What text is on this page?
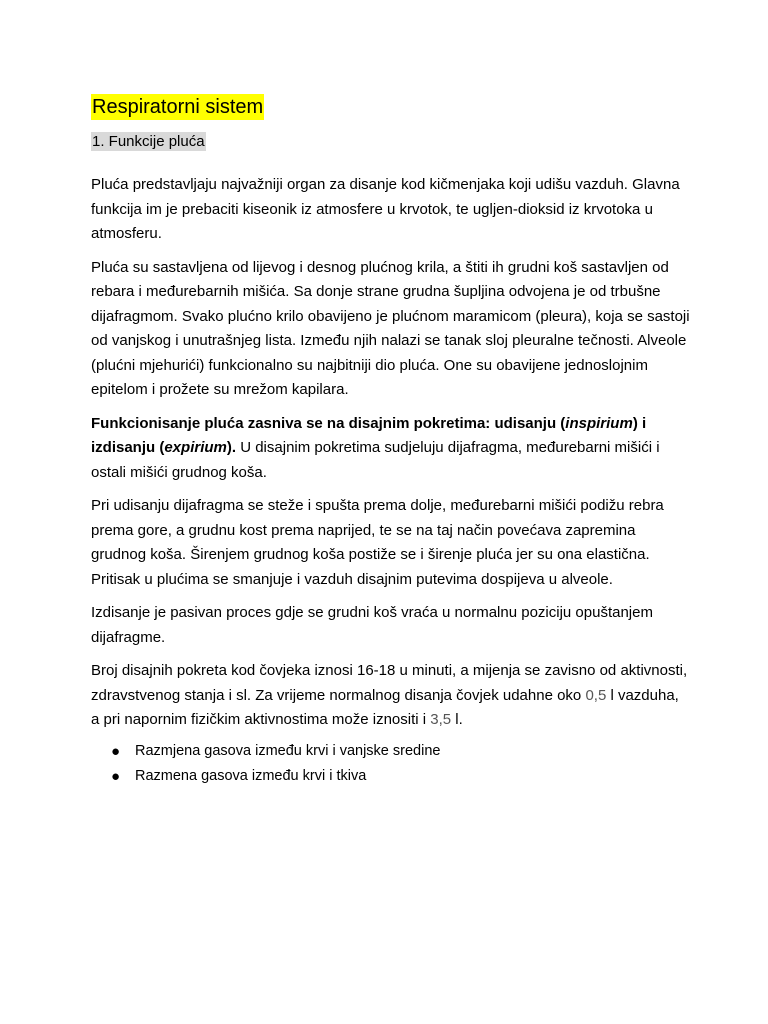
Respiratorni sistem
1. Funkcije pluća

Pluća predstavljaju najvažniji organ za disanje kod kičmenjaka koji udišu vazduh. Glavna funkcija im je prebaciti kiseonik iz atmosfere u krvotok, te ugljen-dioksid iz krvotoka u atmosferu.

Pluća su sastavljena od lijevog i desnog plućnog krila, a štiti ih grudni koš sastavljen od rebara i međurebarnih mišića. Sa donje strane grudna šupljina odvojena je od trbušne dijafragmom. Svako plućno krilo obavijeno je plućnom maramicom (pleura), koja se sastoji od vanjskog i unutrašnjeg lista. Između njih nalazi se tanak sloj pleuralne tečnosti. Alveole (plućni mjehurići) funkcionalno su najbitniji dio pluća. One su obavijene jednoslojnim epitelom i prožete su mrežom kapilara.

Funkcionisanje pluća zasniva se na disajnim pokretima: udisanju (inspirium) i izdisanju (expirium). U disajnim pokretima sudjeluju dijafragma, međurebarni mišići i ostali mišići grudnog koša.

Pri udisanju dijafragma se steže i spušta prema dolje, međurebarni mišići podižu rebra prema gore, a grudnu kost prema naprijed, te se na taj način povećava zapremina grudnog koša. Širenjem grudnog koša postiže se i širenje pluća jer su ona elastična. Pritisak u plućima se smanjuje i vazduh disajnim putevima dospijeva u alveole.

Izdisanje je pasivan proces gdje se grudni koš vraća u normalnu poziciju opuštanjem dijafragme.

Broj disajnih pokreta kod čovjeka iznosi 16-18 u minuti, a mijenja se zavisno od aktivnosti, zdravstvenog stanja i sl. Za vrijeme normalnog disanja čovjek udahne oko 0,5 l vazduha, a pri napornim fizičkim aktivnostima može iznositi i 3,5 l.

● Razmjena gasova između krvi i vanjske sredine
● Razmena gasova između krvi i tkiva
